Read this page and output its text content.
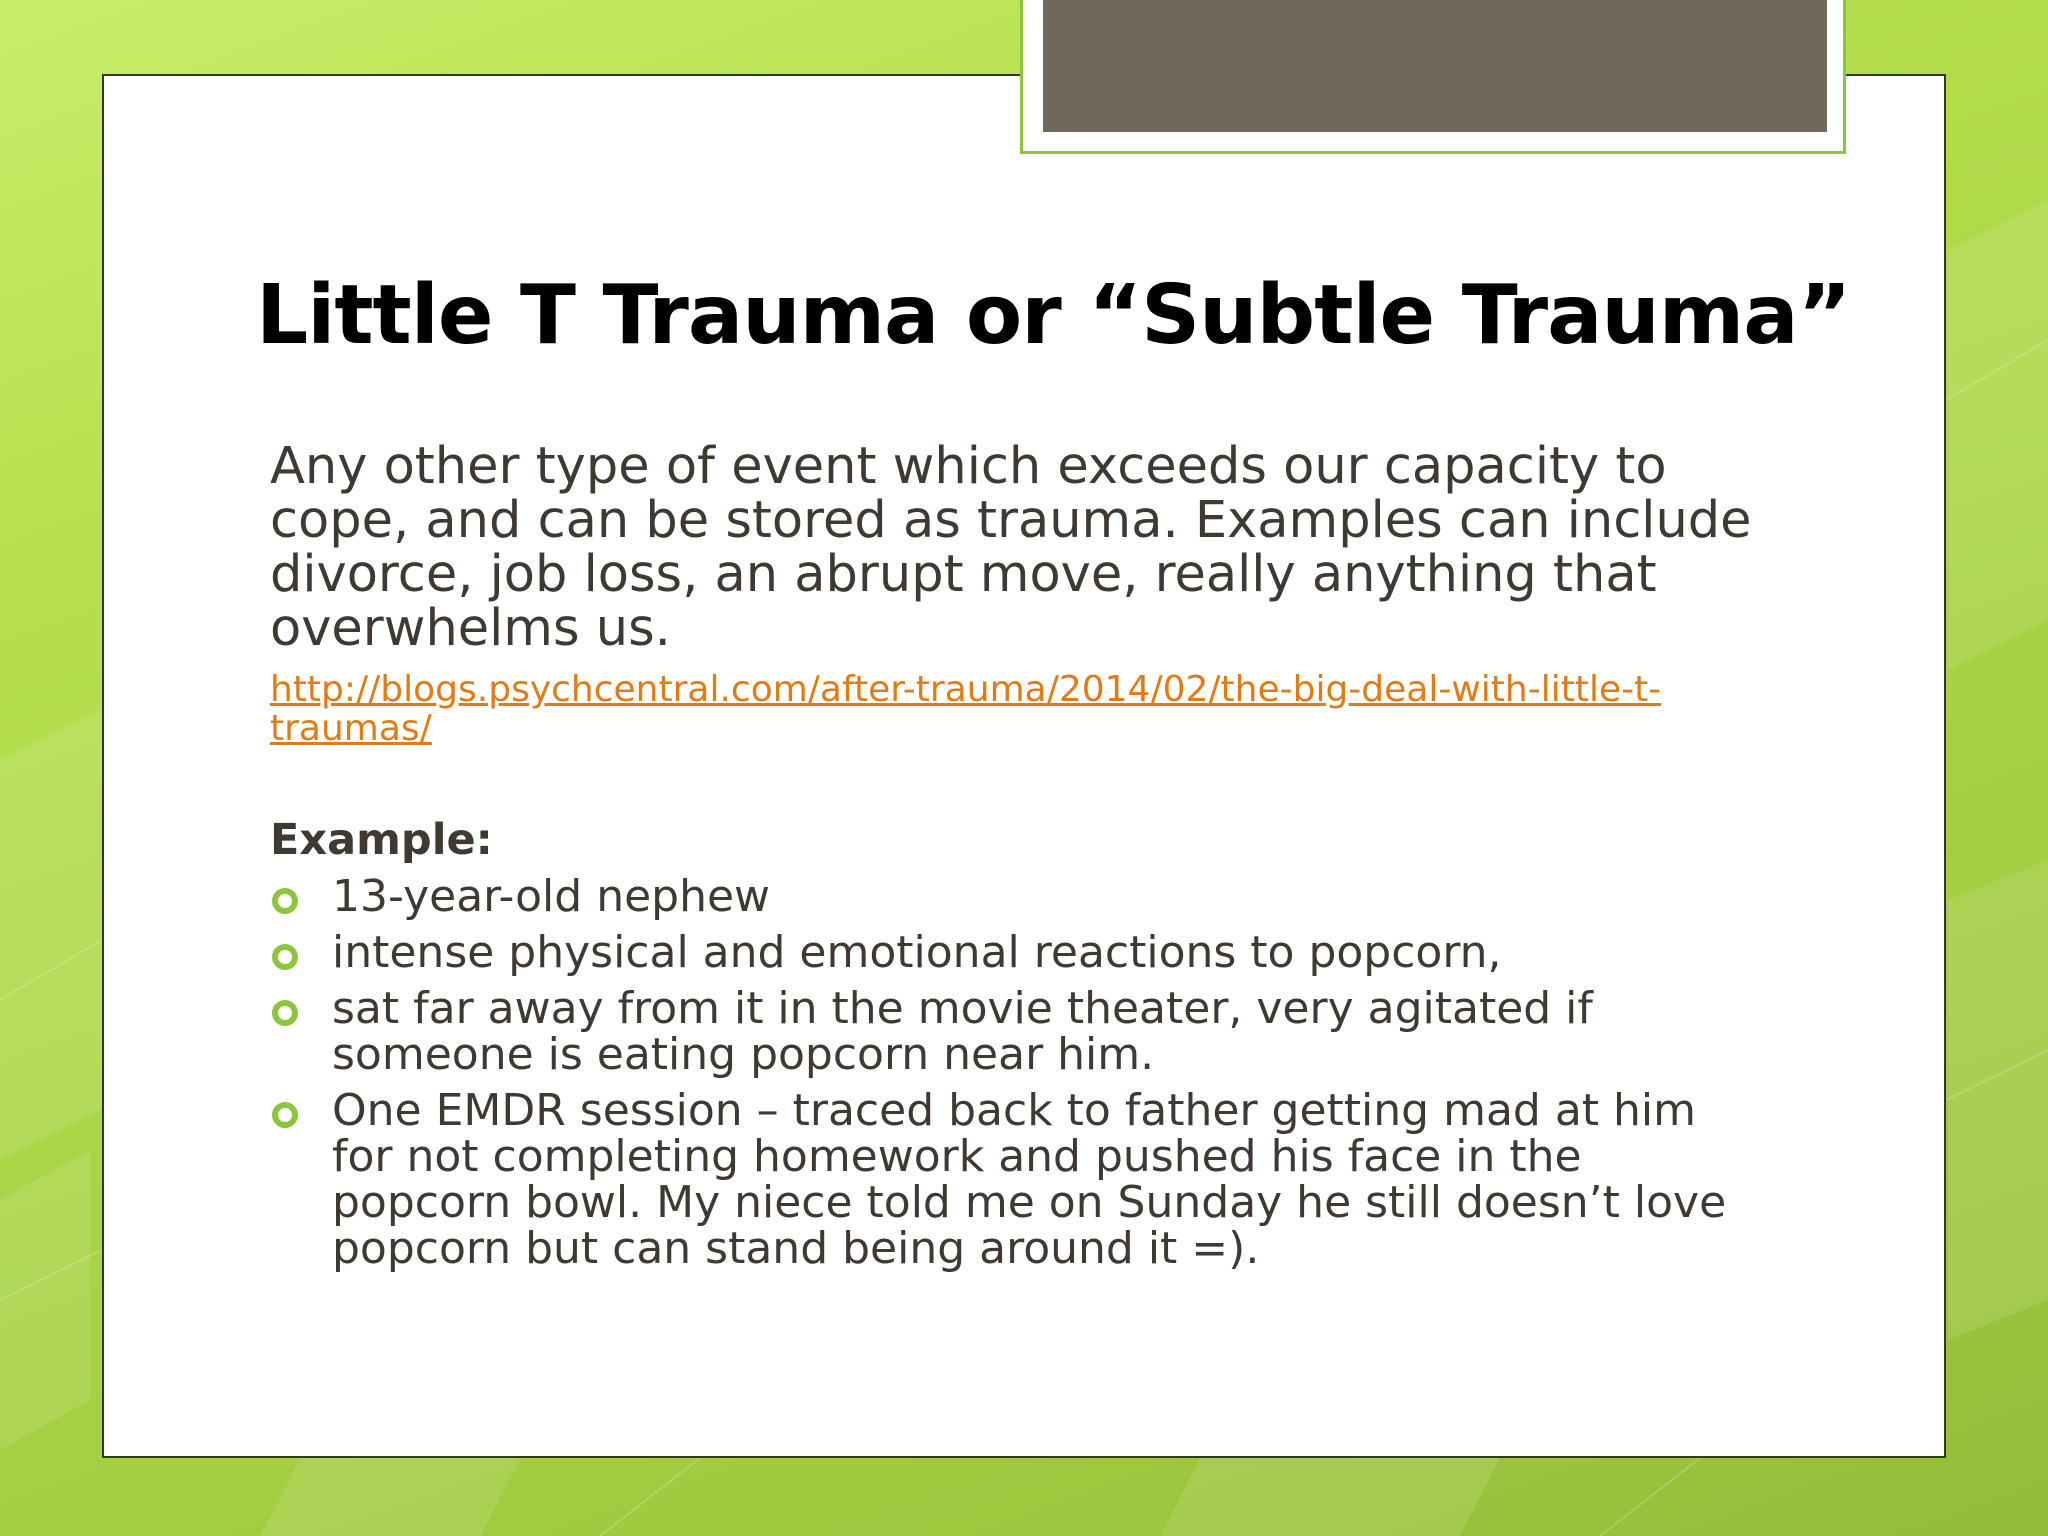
Little T Trauma or “Subtle Trauma”

Any other type of event which exceeds our capacity to cope, and can be stored as trauma. Examples can include divorce, job loss, an abrupt move, really anything that overwhelms us.

http://blogs.psychcentral.com/after-trauma/2014/02/the-big-deal-with-little-t-traumas/
Example:
13-year-old nephew
intense physical and emotional reactions to popcorn,
sat far away from it in the movie theater, very agitated if someone is eating popcorn near him.
One EMDR session – traced back to father getting mad at him for not completing homework and pushed his face in the popcorn bowl. My niece told me on Sunday he still doesn’t love popcorn but can stand being around it =).
